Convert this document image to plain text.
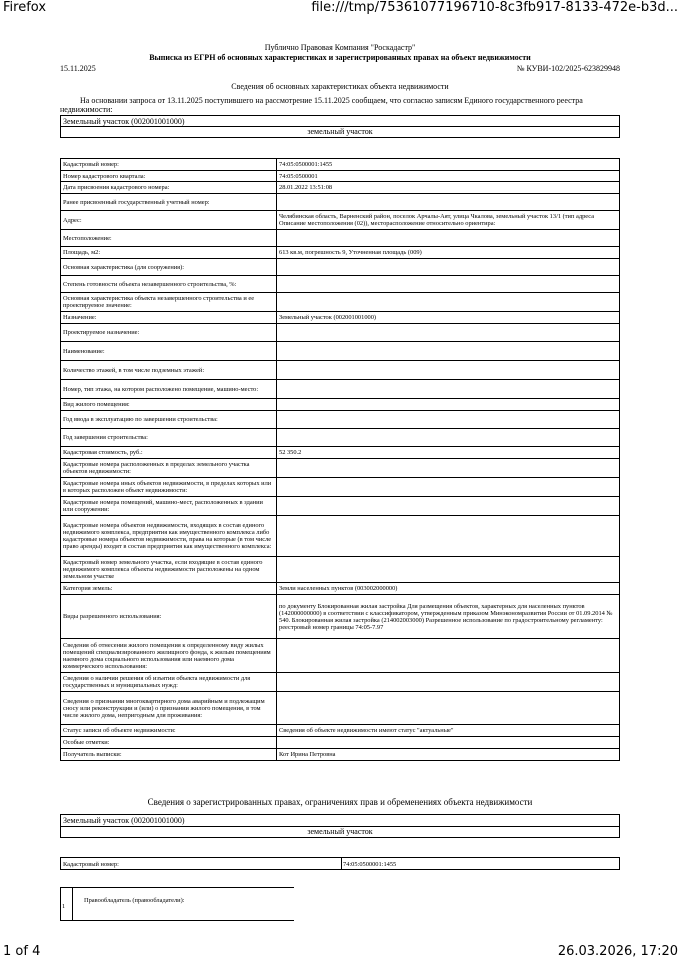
Firefox	file:///tmp/75361077196710-8c3fb917-8133-472e-b3d...
Публично Правовая Компания "Роскадастр"
Выписка из ЕГРН об основных характеристиках и зарегистрированных правах на объект недвижимости
15.11.2025	№ КУВИ-102/2025-623829948
Сведения об основных характеристиках объекта недвижимости
На основании запроса от 13.11.2025 поступившего на рассмотрение 15.11.2025 сообщаем, что согласно записям Единого государственного реестра недвижимости:
Земельный участок (002001001000)
земельный участок
Кадастровый номер:	74:05:0500001:1455
Номер кадастрового квартала:	74:05:0500001
Дата присвоения кадастрового номера:	28.01.2022 13:51:08
Ранее присвоенный государственный учетный номер:	
Адрес:	Челябинская область, Варненский район, поселок Арчалы-Аят, улица Чкалова, земельный участок 13/1 (тип адреса Описание местоположения (02)), месторасположение относительно ориентира:
Местоположение:	
Площадь, м2:	613 кв.м, погрешность 9, Уточненная площадь (009)
Основная характеристика (для сооружения):	
Степень готовности объекта незавершенного строительства, %:	
Основная характеристика объекта незавершенного строительства и ее проектируемое значение:	
Назначение:	Земельный участок (002001001000)
Проектируемое назначение:	
Наименование:	
Количество этажей, в том числе подземных этажей:	
Номер, тип этажа, на котором расположено помещение, машино-место:	
Вид жилого помещения:	
Год ввода в эксплуатацию по завершении строительства:	
Год завершения строительства:	
Кадастровая стоимость, руб.:	52 350.2
Кадастровые номера расположенных в пределах земельного участка объектов недвижимости:	
Кадастровые номера иных объектов недвижимости, в пределах которых или в которых расположен объект недвижимости:	
Кадастровые номера помещений, машино-мест, расположенных в здании или сооружении:	
Кадастровые номера объектов недвижимости, входящих в состав единого недвижимого комплекса, предприятия как имущественного комплекса либо кадастровые номера объектов недвижимости, права на которые (в том числе право аренды) входят в состав предприятия как имущественного комплекса:	
Кадастровый номер земельного участка, если входящие в состав единого недвижимого комплекса объекты недвижимости расположены на одном земельном участке	
Категория земель:	Земли населенных пунктов (003002000000)
Виды разрешенного использования:	по документу Блокированная жилая застройка Для размещения объектов, характерных для населенных пунктов (142000000000) в соответствии с классификатором, утвержденным приказом Минэкономразвития России от 01.09.2014 № 540. Блокированная жилая застройка (214002003000) Разрешенное использование по градостроительному регламенту: реестровый номер границы 74:05-7.97
Сведения об отнесении жилого помещения к определенному виду жилых помещений специализированного жилищного фонда, к жилым помещениям наемного дома социального использования или наемного дома коммерческого использования:	
Сведения о наличии решения об изъятии объекта недвижимости для государственных и муниципальных нужд:	
Сведения о признании многоквартирного дома аварийным и подлежащим сносу или реконструкции и (или) о признании жилого помещения, в том числе жилого дома, непригодным для проживания:	
Статус записи об объекте недвижимости:	Сведения об объекте недвижимости имеют статус "актуальные"
Особые отметки:	
Получатель выписки:	Кот Ирина Петровна
Сведения о зарегистрированных правах, ограничениях прав и обременениях объекта недвижимости
Земельный участок (002001001000)
земельный участок
Кадастровый номер:	74:05:0500001:1455
1
Правообладатель (правообладатели):
1 of 4	26.03.2026, 17:20
